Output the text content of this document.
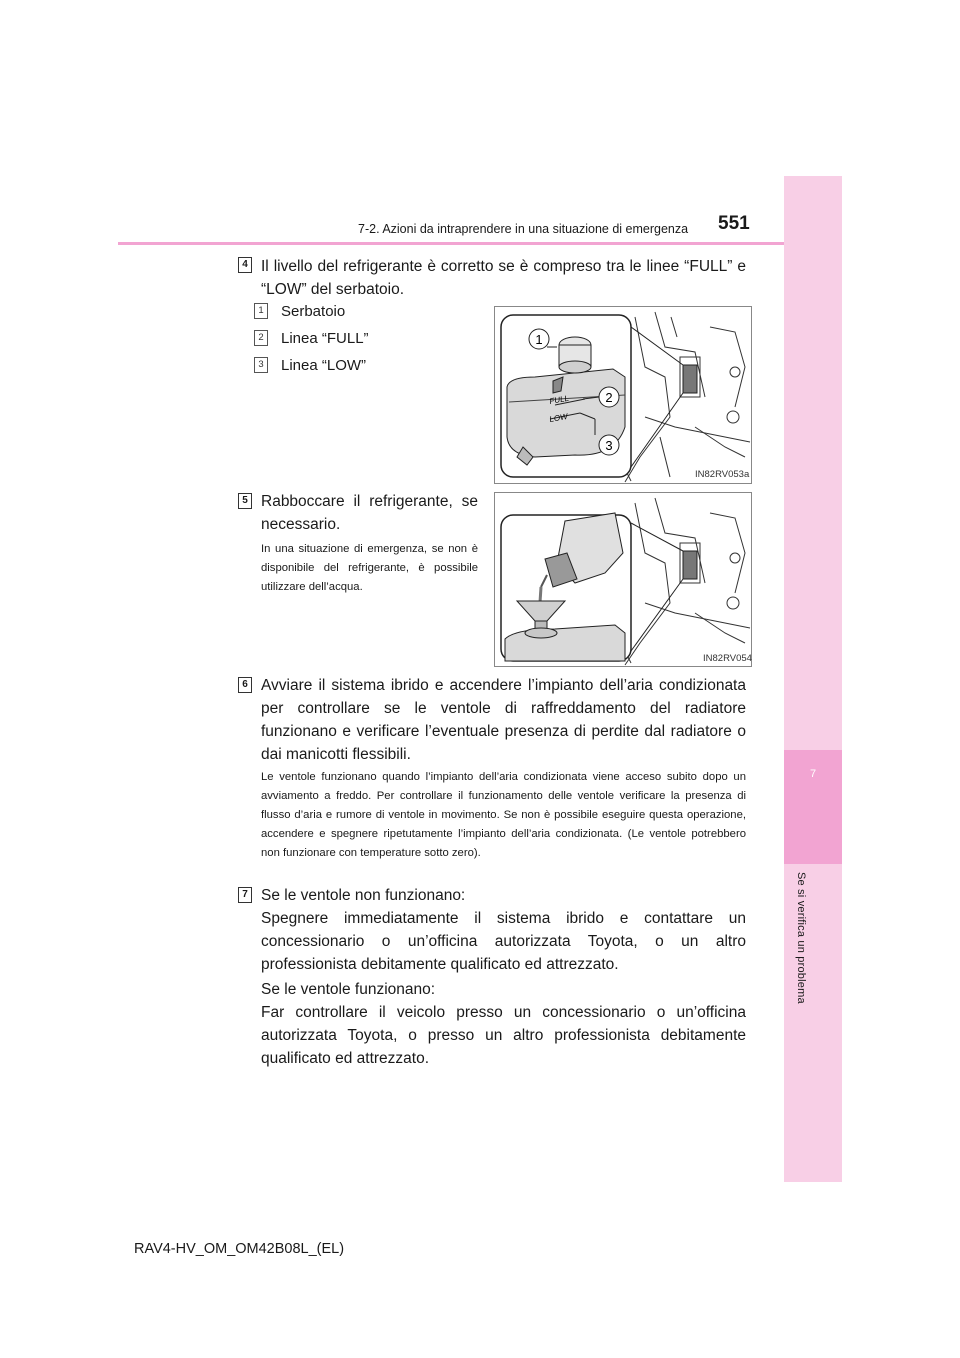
7
Se si verifica un problema
7-2. Azioni da intraprendere in una situazione di emergenza 551
4 Il livello del refrigerante è corretto se è compreso tra le linee “FULL” e “LOW” del serbatoio.
1 Serbatoio
2 Linea “FULL”
3 Linea “LOW”
FULL
LOW
1
2
3
IN82RV053a
5 Rabboccare il refrigerante, se necessario.
In una situazione di emergenza, se non è disponibile del refrigerante, è possibile utilizzare dell’acqua.
IN82RV054
6 Avviare il sistema ibrido e accendere l’impianto dell’aria condizionata per controllare se le ventole di raffreddamento del radiatore funzionano e verificare l’eventuale presenza di perdite dal radiatore o dai manicotti flessibili.
Le ventole funzionano quando l’impianto dell’aria condizionata viene acceso subito dopo un avviamento a freddo. Per controllare il funzionamento delle ventole verificare la presenza di flusso d’aria e rumore di ventole in movimento. Se non è possibile eseguire questa operazione, accendere e spegnere ripetutamente l’impianto dell’aria condizionata. (Le ventole potrebbero non funzionare con temperature sotto zero).
7 Se le ventole non funzionano:
Spegnere immediatamente il sistema ibrido e contattare un concessionario o un’officina autorizzata Toyota, o un altro professionista debitamente qualificato ed attrezzato.
Se le ventole funzionano:
Far controllare il veicolo presso un concessionario o un’officina autorizzata Toyota, o presso un altro professionista debitamente qualificato ed attrezzato.
RAV4-HV_OM_OM42B08L_(EL)
